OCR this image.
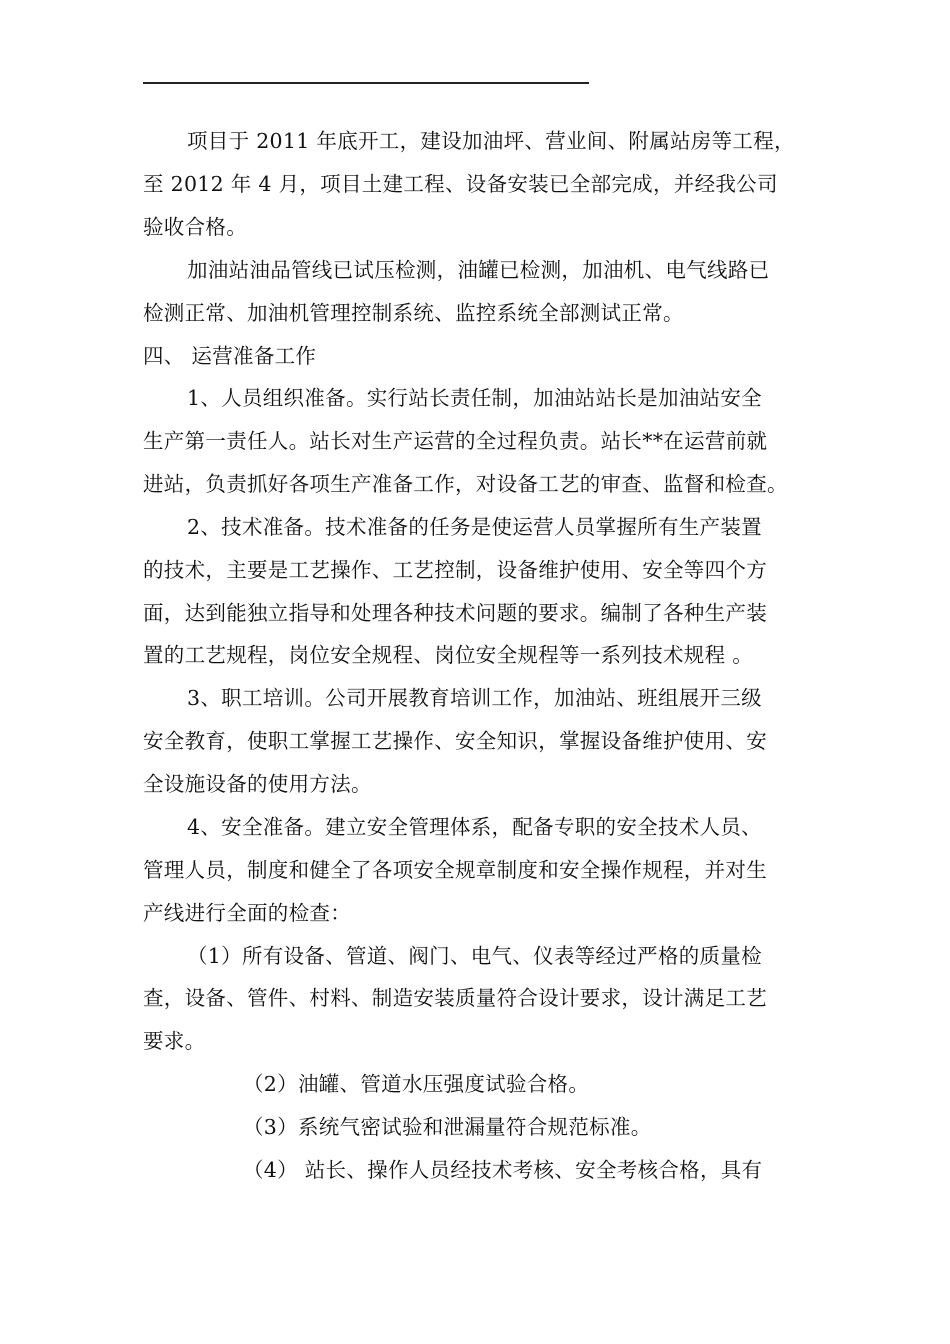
项目于 2011 年底开工，建设加油坪、营业间、附属站房等工程，
至 2012 年 4 月，项目土建工程、设备安装已全部完成，并经我公司
验收合格。
加油站油品管线已试压检测，油罐已检测，加油机、电气线路已
检测正常、加油机管理控制系统、监控系统全部测试正常。
四、 运营准备工作
1、人员组织准备。实行站长责任制，加油站站长是加油站安全
生产第一责任人。站长对生产运营的全过程负责。站长**在运营前就
进站，负责抓好各项生产准备工作，对设备工艺的审查、监督和检查。
2、技术准备。技术准备的任务是使运营人员掌握所有生产装置
的技术，主要是工艺操作、工艺控制，设备维护使用、安全等四个方
面，达到能独立指导和处理各种技术问题的要求。编制了各种生产装
置的工艺规程，岗位安全规程、岗位安全规程等一系列技术规程 。
3、职工培训。公司开展教育培训工作，加油站、班组展开三级
安全教育，使职工掌握工艺操作、安全知识，掌握设备维护使用、安
全设施设备的使用方法。
4、安全准备。建立安全管理体系，配备专职的安全技术人员、
管理人员，制度和健全了各项安全规章制度和安全操作规程，并对生
产线进行全面的检查：
（1）所有设备、管道、阀门、电气、仪表等经过严格的质量检
查，设备、管件、村料、制造安装质量符合设计要求，设计满足工艺
要求。
（2）油罐、管道水压强度试验合格。
（3）系统气密试验和泄漏量符合规范标准。
（4） 站长、操作人员经技术考核、安全考核合格，具有
